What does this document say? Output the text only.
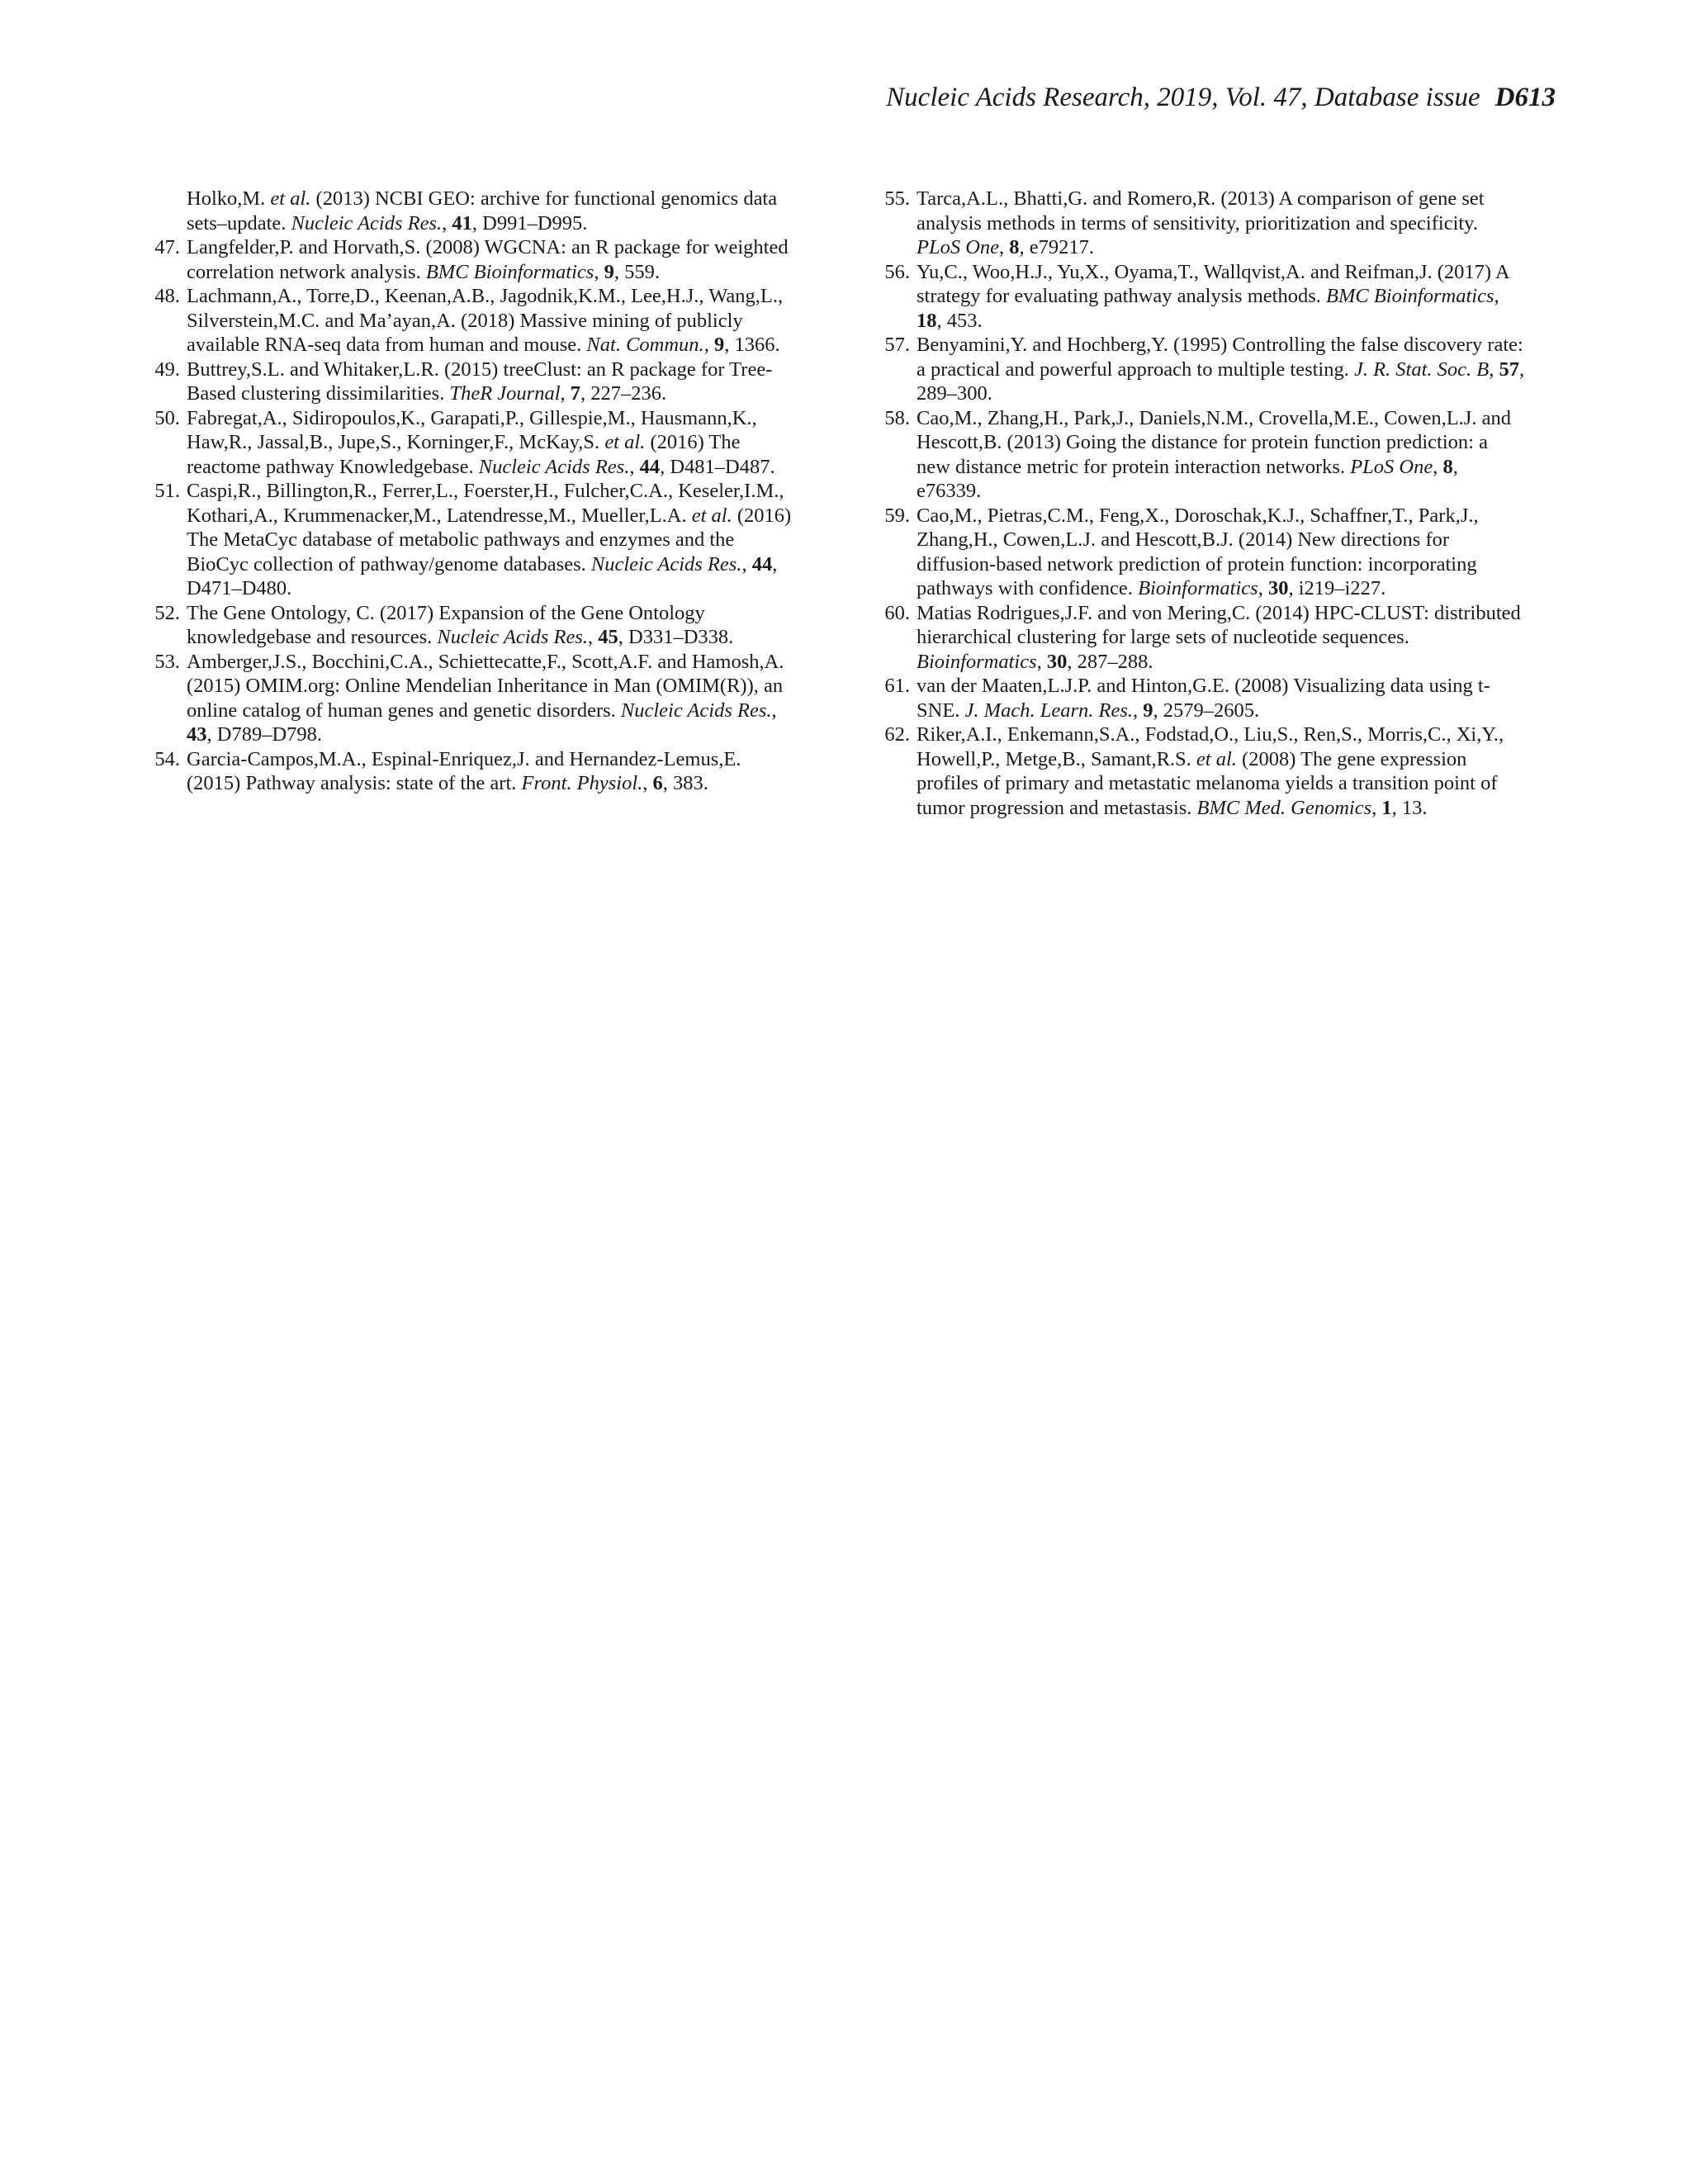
Nucleic Acids Research, 2019, Vol. 47, Database issue D613
Holko,M. et al. (2013) NCBI GEO: archive for functional genomics data sets–update. Nucleic Acids Res., 41, D991–D995.
47. Langfelder,P. and Horvath,S. (2008) WGCNA: an R package for weighted correlation network analysis. BMC Bioinformatics, 9, 559.
48. Lachmann,A., Torre,D., Keenan,A.B., Jagodnik,K.M., Lee,H.J., Wang,L., Silverstein,M.C. and Ma’ayan,A. (2018) Massive mining of publicly available RNA-seq data from human and mouse. Nat. Commun., 9, 1366.
49. Buttrey,S.L. and Whitaker,L.R. (2015) treeClust: an R package for Tree-Based clustering dissimilarities. TheR Journal, 7, 227–236.
50. Fabregat,A., Sidiropoulos,K., Garapati,P., Gillespie,M., Hausmann,K., Haw,R., Jassal,B., Jupe,S., Korninger,F., McKay,S. et al. (2016) The reactome pathway Knowledgebase. Nucleic Acids Res., 44, D481–D487.
51. Caspi,R., Billington,R., Ferrer,L., Foerster,H., Fulcher,C.A., Keseler,I.M., Kothari,A., Krummenacker,M., Latendresse,M., Mueller,L.A. et al. (2016) The MetaCyc database of metabolic pathways and enzymes and the BioCyc collection of pathway/genome databases. Nucleic Acids Res., 44, D471–D480.
52. The Gene Ontology, C. (2017) Expansion of the Gene Ontology knowledgebase and resources. Nucleic Acids Res., 45, D331–D338.
53. Amberger,J.S., Bocchini,C.A., Schiettecatte,F., Scott,A.F. and Hamosh,A. (2015) OMIM.org: Online Mendelian Inheritance in Man (OMIM(R)), an online catalog of human genes and genetic disorders. Nucleic Acids Res., 43, D789–D798.
54. Garcia-Campos,M.A., Espinal-Enriquez,J. and Hernandez-Lemus,E. (2015) Pathway analysis: state of the art. Front. Physiol., 6, 383.
55. Tarca,A.L., Bhatti,G. and Romero,R. (2013) A comparison of gene set analysis methods in terms of sensitivity, prioritization and specificity. PLoS One, 8, e79217.
56. Yu,C., Woo,H.J., Yu,X., Oyama,T., Wallqvist,A. and Reifman,J. (2017) A strategy for evaluating pathway analysis methods. BMC Bioinformatics, 18, 453.
57. Benyamini,Y. and Hochberg,Y. (1995) Controlling the false discovery rate: a practical and powerful approach to multiple testing. J. R. Stat. Soc. B, 57, 289–300.
58. Cao,M., Zhang,H., Park,J., Daniels,N.M., Crovella,M.E., Cowen,L.J. and Hescott,B. (2013) Going the distance for protein function prediction: a new distance metric for protein interaction networks. PLoS One, 8, e76339.
59. Cao,M., Pietras,C.M., Feng,X., Doroschak,K.J., Schaffner,T., Park,J., Zhang,H., Cowen,L.J. and Hescott,B.J. (2014) New directions for diffusion-based network prediction of protein function: incorporating pathways with confidence. Bioinformatics, 30, i219–i227.
60. Matias Rodrigues,J.F. and von Mering,C. (2014) HPC-CLUST: distributed hierarchical clustering for large sets of nucleotide sequences. Bioinformatics, 30, 287–288.
61. van der Maaten,L.J.P. and Hinton,G.E. (2008) Visualizing data using t-SNE. J. Mach. Learn. Res., 9, 2579–2605.
62. Riker,A.I., Enkemann,S.A., Fodstad,O., Liu,S., Ren,S., Morris,C., Xi,Y., Howell,P., Metge,B., Samant,R.S. et al. (2008) The gene expression profiles of primary and metastatic melanoma yields a transition point of tumor progression and metastasis. BMC Med. Genomics, 1, 13.
